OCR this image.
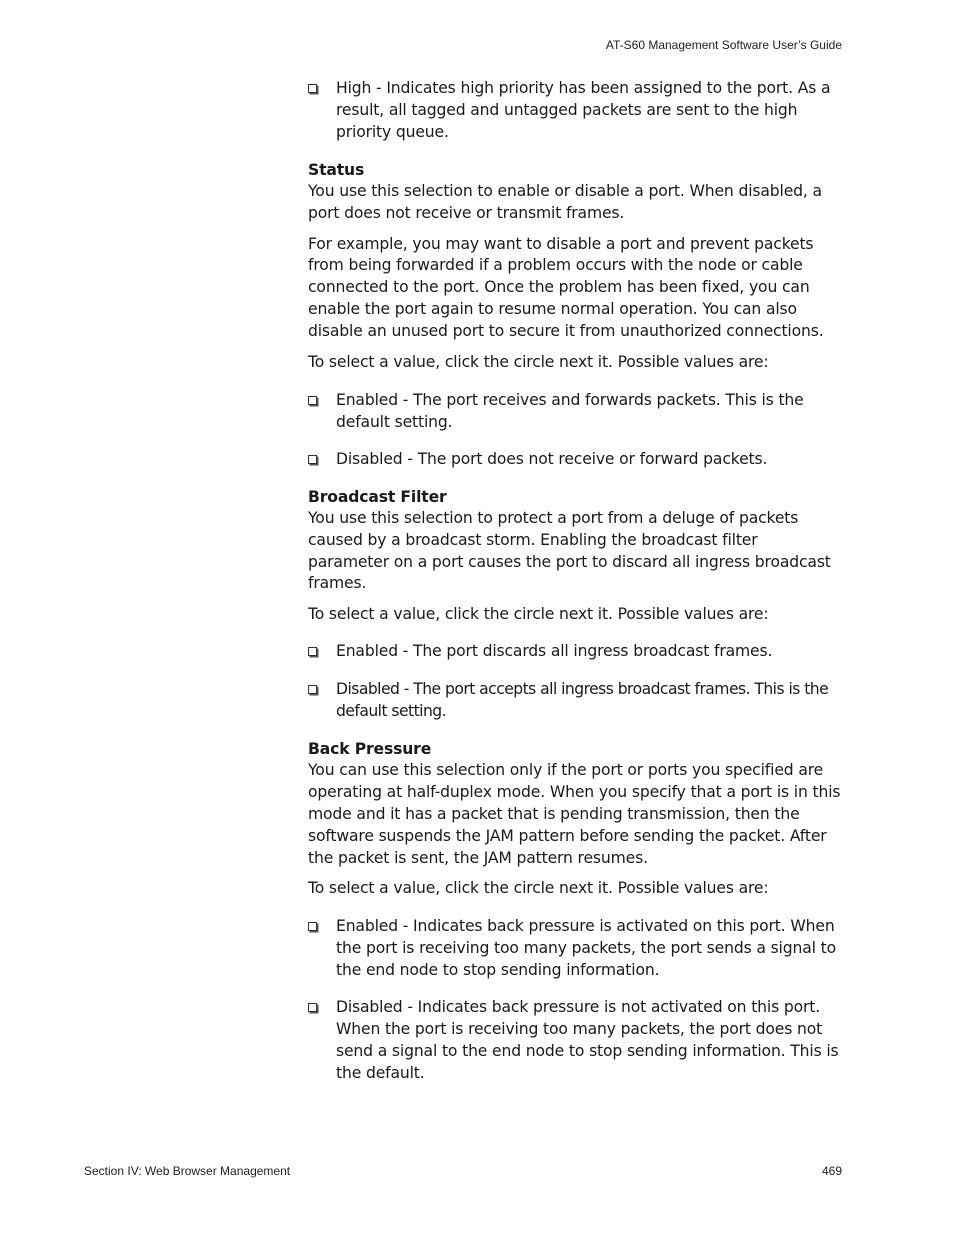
AT-S60 Management Software User’s Guide
High - Indicates high priority has been assigned to the port. As a result, all tagged and untagged packets are sent to the high priority queue.
Status

You use this selection to enable or disable a port. When disabled, a port does not receive or transmit frames.

For example, you may want to disable a port and prevent packets from being forwarded if a problem occurs with the node or cable connected to the port. Once the problem has been fixed, you can enable the port again to resume normal operation. You can also disable an unused port to secure it from unauthorized connections.

To select a value, click the circle next it. Possible values are:

Enabled - The port receives and forwards packets. This is the default setting.
Disabled - The port does not receive or forward packets.
Broadcast Filter

You use this selection to protect a port from a deluge of packets caused by a broadcast storm. Enabling the broadcast filter parameter on a port causes the port to discard all ingress broadcast frames.

To select a value, click the circle next it. Possible values are:

Enabled - The port discards all ingress broadcast frames.
Disabled - The port accepts all ingress broadcast frames. This is the default setting.
Back Pressure

You can use this selection only if the port or ports you specified are operating at half-duplex mode. When you specify that a port is in this mode and it has a packet that is pending transmission, then the software suspends the JAM pattern before sending the packet. After the packet is sent, the JAM pattern resumes.

To select a value, click the circle next it. Possible values are:

Enabled - Indicates back pressure is activated on this port. When the port is receiving too many packets, the port sends a signal to the end node to stop sending information.
Disabled - Indicates back pressure is not activated on this port. When the port is receiving too many packets, the port does not send a signal to the end node to stop sending information. This is the default.
Section IV: Web Browser Management	469
